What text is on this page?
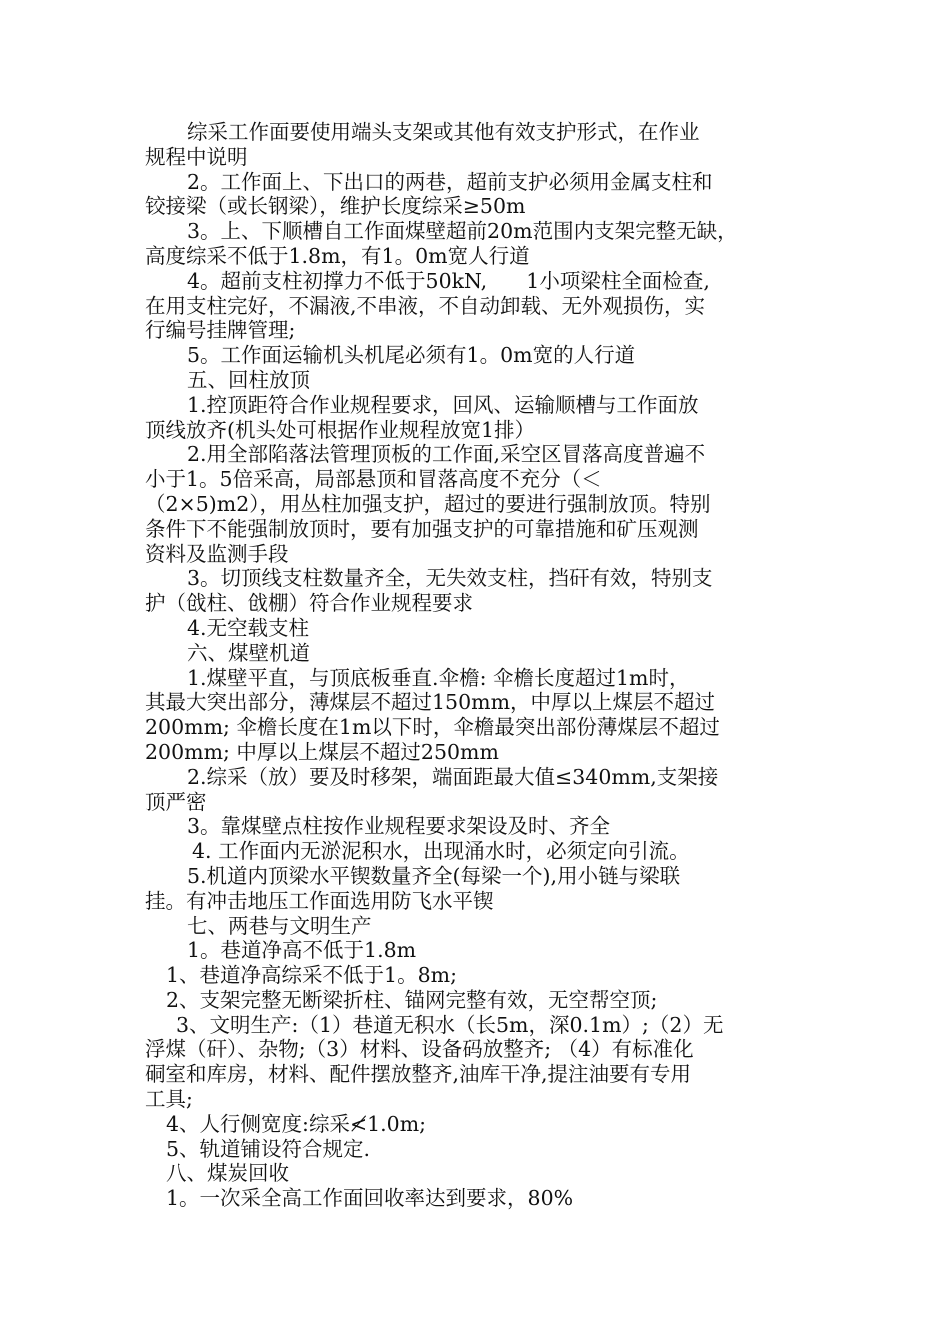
综采工作面要使用端头支架或其他有效支护形式，在作业

规程中说明

2。工作面上、下出口的两巷，超前支护必须用金属支柱和

铰接梁（或长钢梁），维护长度综采≥50m

3。上、下顺槽自工作面煤壁超前20m范围内支架完整无缺，

高度综采不低于1.8m，有1。0m宽人行道

4。超前支柱初撑力不低于50kN,      1小项梁柱全面检查,

在用支柱完好，不漏液,不串液，不自动卸载、无外观损伤，实

行编号挂牌管理;

5。工作面运输机头机尾必须有1。0m宽的人行道

五、回柱放顶

1.控顶距符合作业规程要求，回风、运输顺槽与工作面放

顶线放齐(机头处可根据作业规程放宽1排）

2.用全部陷落法管理顶板的工作面,采空区冒落高度普遍不

小于1。5倍采高，局部悬顶和冒落高度不充分（＜

（2×5)m2），用丛柱加强支护，超过的要进行强制放顶。特别

条件下不能强制放顶时，要有加强支护的可靠措施和矿压观测

资料及监测手段

3。切顶线支柱数量齐全，无失效支柱，挡矸有效，特别支

护（戗柱、戗棚）符合作业规程要求

4.无空载支柱

六、煤壁机道

1.煤壁平直，与顶底板垂直.伞檐: 伞檐长度超过1m时，

其最大突出部分，薄煤层不超过150mm，中厚以上煤层不超过

200mm; 伞檐长度在1m以下时，伞檐最突出部份薄煤层不超过

200mm; 中厚以上煤层不超过250mm

2.综采（放）要及时移架，端面距最大值≤340mm,支架接

顶严密

3。靠煤壁点柱按作业规程要求架设及时、齐全

4. 工作面内无淤泥积水，出现涌水时，必须定向引流。

5.机道内顶梁水平锲数量齐全(每梁一个),用小链与梁联

挂。有冲击地压工作面选用防飞水平锲

七、两巷与文明生产

1。巷道净高不低于1.8m

1、巷道净高综采不低于1。8m;

2、支架完整无断梁折柱、锚网完整有效，无空帮空顶;

3、文明生产:（1）巷道无积水（长5m，深0.1m）;（2）无

浮煤（矸）、杂物;（3）材料、设备码放整齐; （4）有标准化

硐室和库房，材料、配件摆放整齐,油库干净,提注油要有专用

工具;

4、人行侧宽度:综采≮1.0m;

5、轨道铺设符合规定.

八、煤炭回收

1。一次采全高工作面回收率达到要求，80%
